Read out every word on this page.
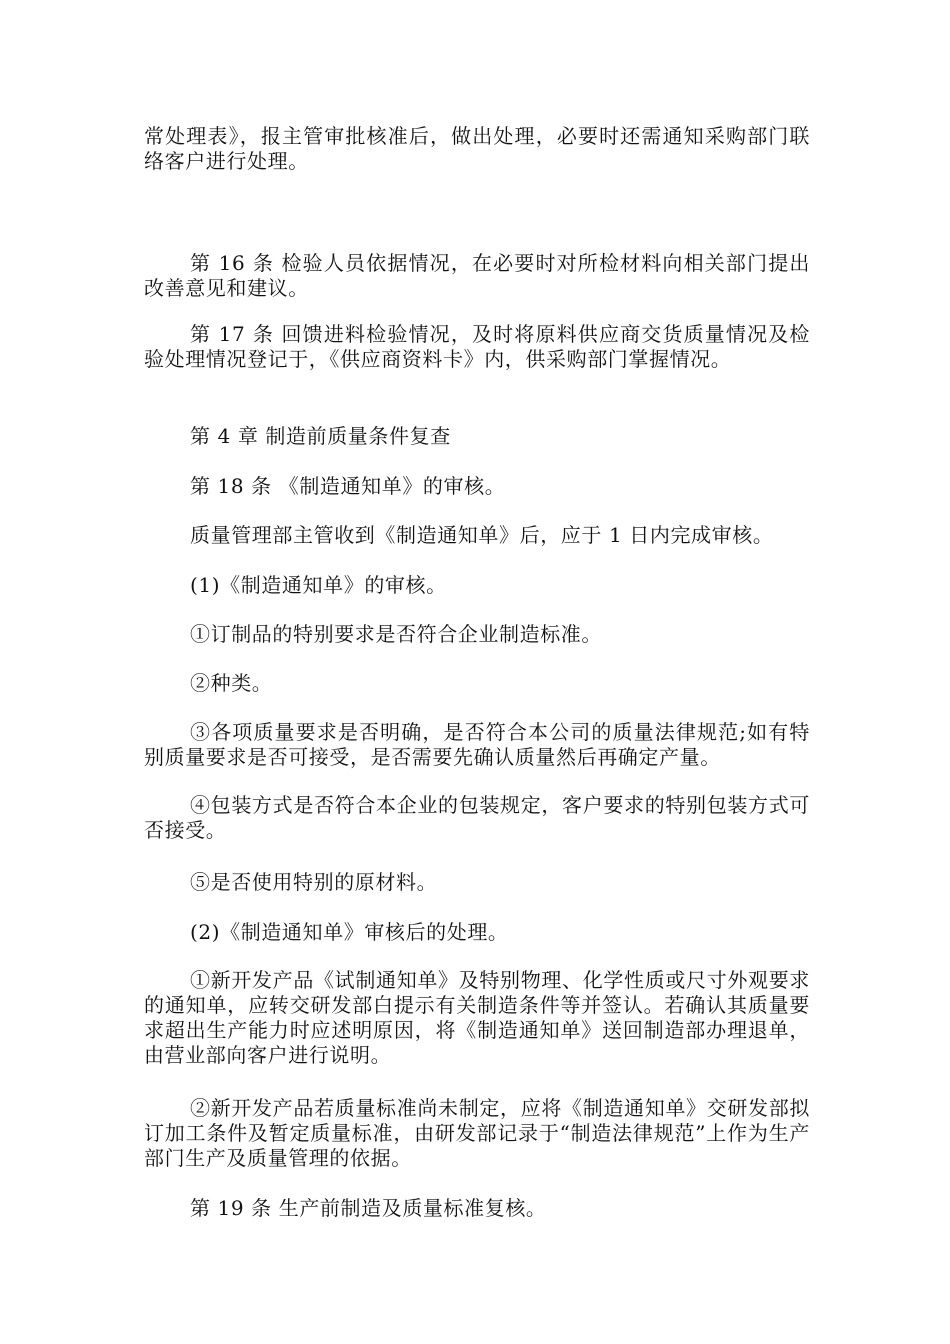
常处理表》，报主管审批核准后，做出处理，必要时还需通知采购部门联络客户进行处理。

第 16 条 检验人员依据情况，在必要时对所检材料向相关部门提出改善意见和建议。

第 17 条 回馈进料检验情况，及时将原料供应商交货质量情况及检验处理情况登记于，《供应商资料卡》内，供采购部门掌握情况。

第 4 章 制造前质量条件复查

第 18 条 《制造通知单》的审核。

质量管理部主管收到《制造通知单》后，应于 1 日内完成审核。

(1)《制造通知单》的审核。

①订制品的特别要求是否符合企业制造标准。

②种类。

③各项质量要求是否明确，是否符合本公司的质量法律规范;如有特别质量要求是否可接受，是否需要先确认质量然后再确定产量。

④包装方式是否符合本企业的包装规定，客户要求的特别包装方式可否接受。

⑤是否使用特别的原材料。

(2)《制造通知单》审核后的处理。

①新开发产品《试制通知单》及特别物理、化学性质或尺寸外观要求的通知单，应转交研发部白提示有关制造条件等并签认。若确认其质量要求超出生产能力时应述明原因，将《制造通知单》送回制造部办理退单，由营业部向客户进行说明。

②新开发产品若质量标准尚未制定，应将《制造通知单》交研发部拟订加工条件及暂定质量标准，由研发部记录于“制造法律规范”上作为生产部门生产及质量管理的依据。

第 19 条 生产前制造及质量标准复核。
